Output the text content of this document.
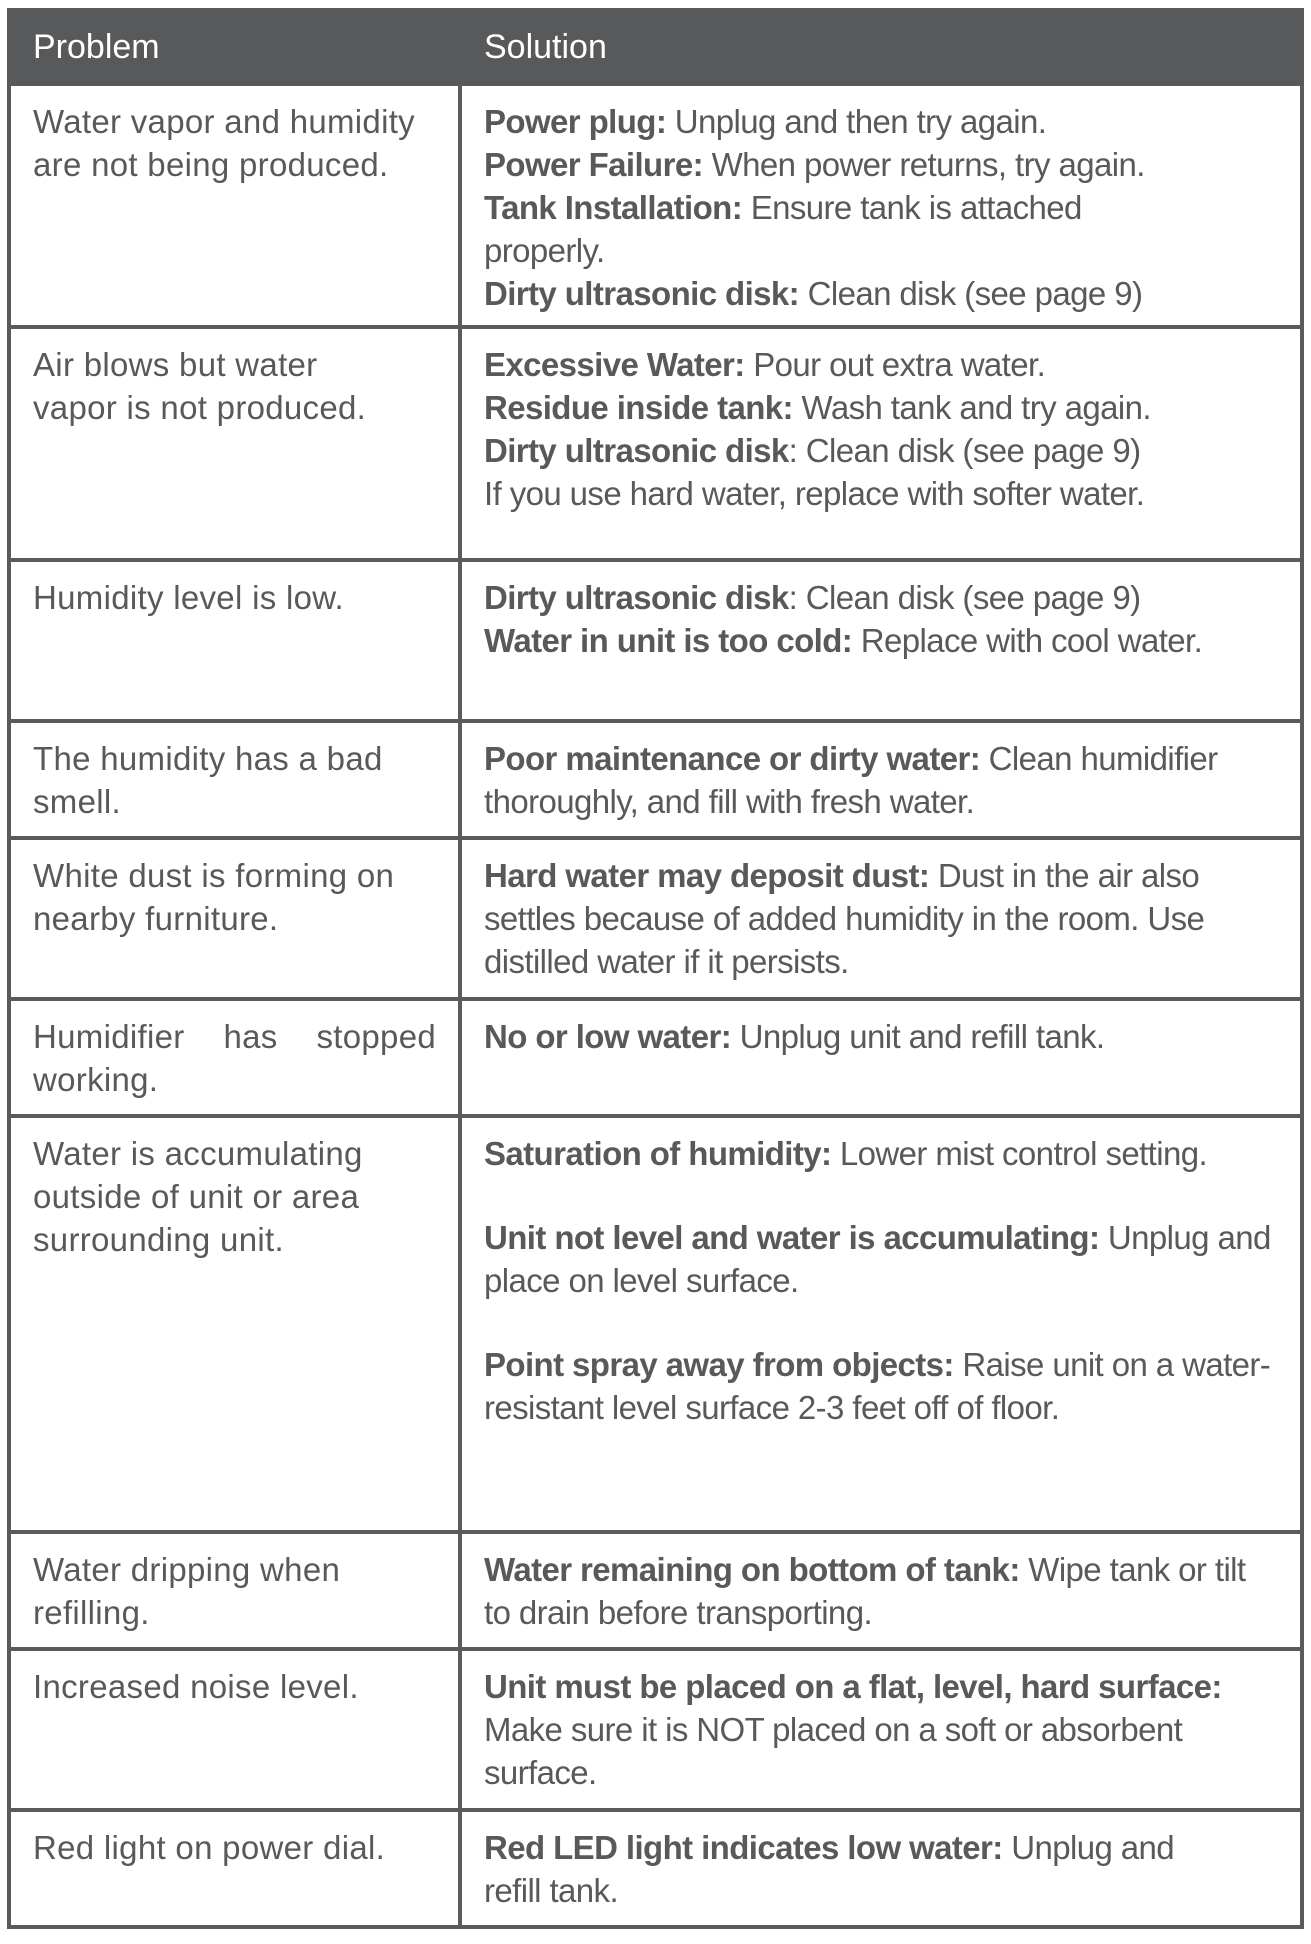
Problem	Solution
Water vapor and humidity are not being produced.	Power plug: Unplug and then try again.
Power Failure: When power returns, try again.
Tank Installation: Ensure tank is attached properly.
Dirty ultrasonic disk: Clean disk (see page 9)

Air blows but water vapor is not produced.	Excessive Water: Pour out extra water.
Residue inside tank: Wash tank and try again.
Dirty ultrasonic disk: Clean disk (see page 9)
If you use hard water, replace with softer water.

Humidity level is low.	Dirty ultrasonic disk: Clean disk (see page 9)
Water in unit is too cold: Replace with cool water.

The humidity has a bad smell.	Poor maintenance or dirty water: Clean humidifier thoroughly, and fill with fresh water.

White dust is forming on nearby furniture.	Hard water may deposit dust: Dust in the air also settles because of added humidity in the room. Use distilled water if it persists.

Humidifier has stopped working.	No or low water: Unplug unit and refill tank.

Water is accumulating outside of unit or area surrounding unit.	Saturation of humidity: Lower mist control setting.
Unit not level and water is accumulating: Unplug and place on level surface.
Point spray away from objects: Raise unit on a water-resistant level surface 2-3 feet off of floor.

Water dripping when refilling.	Water remaining on bottom of tank: Wipe tank or tilt to drain before transporting.

Increased noise level.	Unit must be placed on a flat, level, hard surface: Make sure it is NOT placed on a soft or absorbent surface.

Red light on power dial.	Red LED light indicates low water: Unplug and refill tank.
